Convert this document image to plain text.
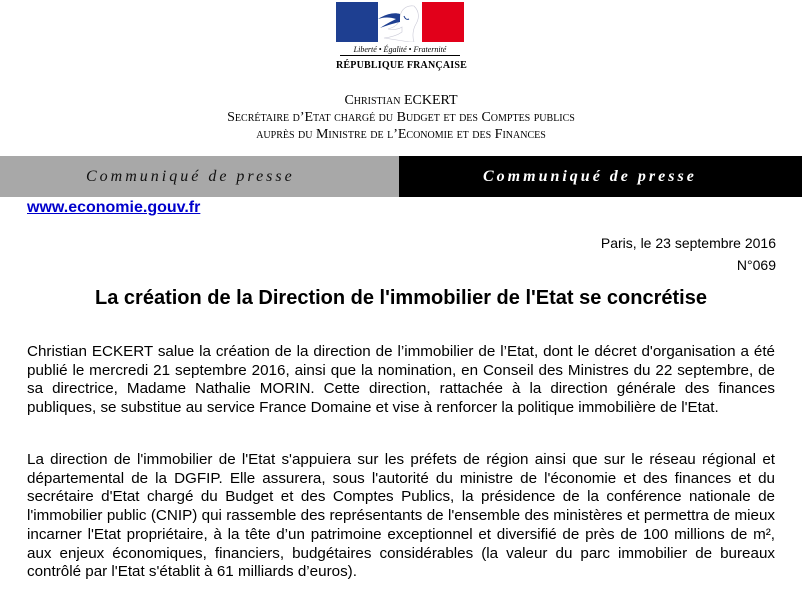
Liberté • Égalité • Fraternité
RÉPUBLIQUE FRANÇAISE
Christian ECKERT
Secrétaire d’Etat chargé du Budget et des Comptes publics
auprès du Ministre de l’Economie et des Finances
Communiqué de presse	Communiqué de presse
www.economie.gouv.fr
Paris, le 23 septembre 2016
N°069
La création de la Direction de l'immobilier de l'Etat se concrétise
Christian ECKERT salue la création de la direction de l’immobilier de l’Etat, dont le décret d'organisation a été publié le mercredi 21 septembre 2016, ainsi que la nomination, en Conseil des Ministres du 22 septembre, de sa directrice, Madame Nathalie MORIN. Cette direction, rattachée à la direction générale des finances publiques, se substitue au service France Domaine et vise à renforcer la politique immobilière de l'Etat.
La direction de l'immobilier de l'Etat s'appuiera sur les préfets de région ainsi que sur le réseau régional et départemental de la DGFIP. Elle assurera, sous l'autorité du ministre de l'économie et des finances et du secrétaire d'Etat chargé du Budget et des Comptes Publics, la présidence de la conférence nationale de l'immobilier public (CNIP) qui rassemble des représentants de l'ensemble des ministères et permettra de mieux incarner l'Etat propriétaire, à la tête d’un patrimoine exceptionnel et diversifié de près de 100 millions de m², aux enjeux économiques, financiers, budgétaires considérables (la valeur du parc immobilier de bureaux contrôlé par l'Etat s'établit à 61 milliards d’euros).
